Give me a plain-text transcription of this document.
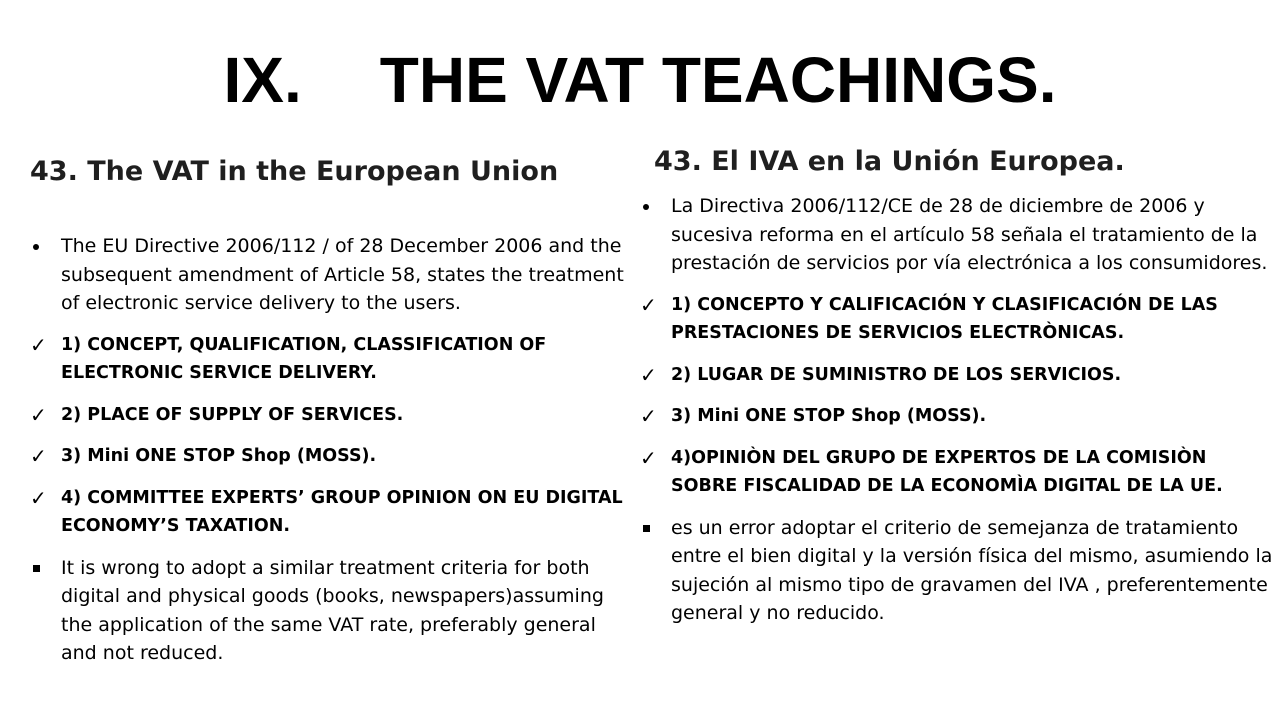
IX. THE VAT TEACHINGS.
43. The VAT in the European Union
The EU Directive 2006/112 / of 28 December 2006 and the subsequent amendment of Article 58, states the treatment of electronic service delivery to the users.
1) CONCEPT, QUALIFICATION, CLASSIFICATION OF ELECTRONIC SERVICE DELIVERY.
2) PLACE OF SUPPLY OF SERVICES.
3) Mini ONE STOP Shop (MOSS).
4) COMMITTEE EXPERTS’ GROUP OPINION ON EU DIGITAL ECONOMY’S TAXATION.
It is wrong to adopt a similar treatment criteria for both digital and physical goods (books, newspapers)assuming the application of the same VAT rate, preferably general and not reduced.
43. El IVA en la Unión Europea.
La Directiva 2006/112/CE de 28 de diciembre de 2006 y sucesiva reforma en el artículo 58 señala el tratamiento de la prestación de servicios por vía electrónica a los consumidores.
1) CONCEPTO Y CALIFICACIÓN Y CLASIFICACIÓN DE LAS PRESTACIONES DE SERVICIOS ELECTRÒNICAS.
2) LUGAR DE SUMINISTRO DE LOS SERVICIOS.
3) Mini ONE STOP Shop (MOSS).
4)OPINIÒN DEL GRUPO DE EXPERTOS DE LA COMISIÒN SOBRE FISCALIDAD DE LA ECONOMÌA DIGITAL DE LA UE.
es un error adoptar el criterio de semejanza de tratamiento entre el bien digital y la versión física del mismo, asumiendo la sujeción al mismo tipo de gravamen del IVA , preferentemente general y no reducido.
